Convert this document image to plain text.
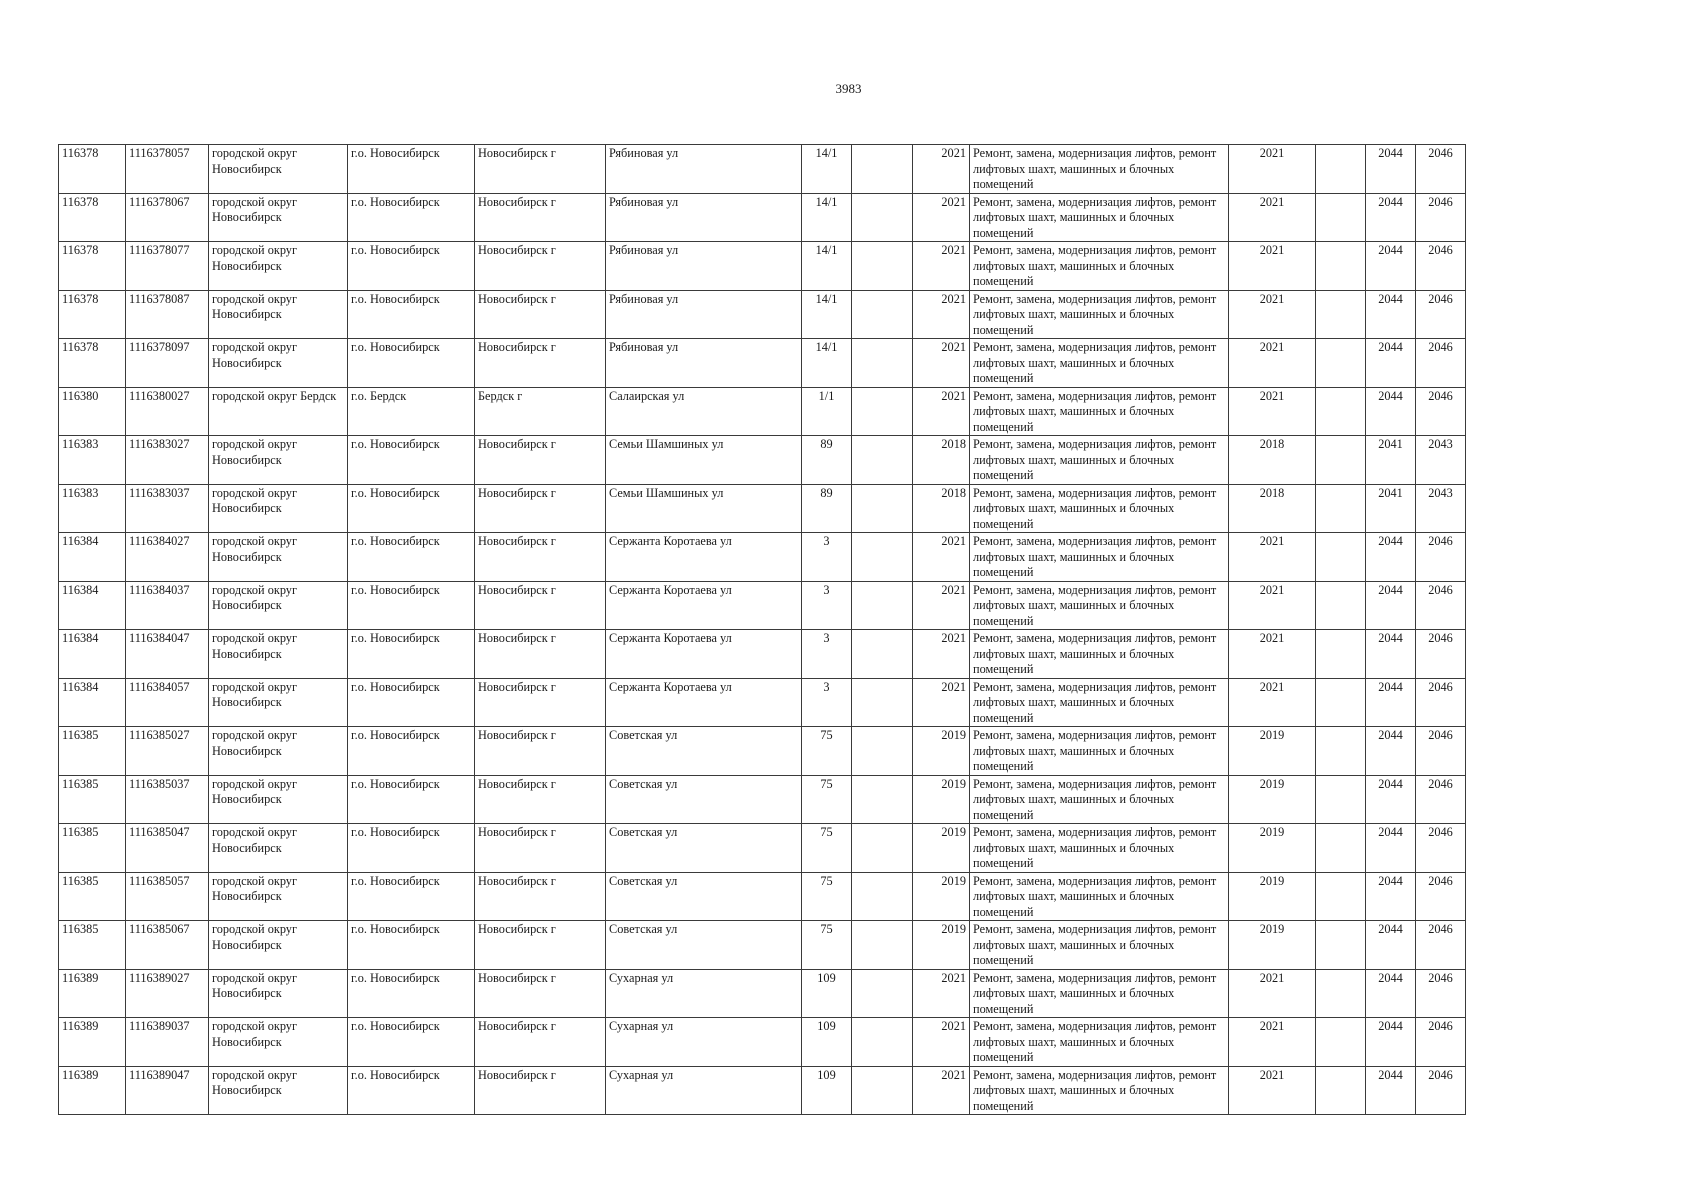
3983
116378	1116378057	городской округ Новосибирск	г.о. Новосибирск	Новосибирск г	Рябиновая ул	14/1		2021	Ремонт, замена, модернизация лифтов, ремонт лифтовых шахт, машинных и блочных помещений	2021		2044	2046
116378	1116378067	городской округ Новосибирск	г.о. Новосибирск	Новосибирск г	Рябиновая ул	14/1		2021	Ремонт, замена, модернизация лифтов, ремонт лифтовых шахт, машинных и блочных помещений	2021		2044	2046
116378	1116378077	городской округ Новосибирск	г.о. Новосибирск	Новосибирск г	Рябиновая ул	14/1		2021	Ремонт, замена, модернизация лифтов, ремонт лифтовых шахт, машинных и блочных помещений	2021		2044	2046
116378	1116378087	городской округ Новосибирск	г.о. Новосибирск	Новосибирск г	Рябиновая ул	14/1		2021	Ремонт, замена, модернизация лифтов, ремонт лифтовых шахт, машинных и блочных помещений	2021		2044	2046
116378	1116378097	городской округ Новосибирск	г.о. Новосибирск	Новосибирск г	Рябиновая ул	14/1		2021	Ремонт, замена, модернизация лифтов, ремонт лифтовых шахт, машинных и блочных помещений	2021		2044	2046
116380	1116380027	городской округ Бердск	г.о. Бердск	Бердск г	Салаирская ул	1/1		2021	Ремонт, замена, модернизация лифтов, ремонт лифтовых шахт, машинных и блочных помещений	2021		2044	2046
116383	1116383027	городской округ Новосибирск	г.о. Новосибирск	Новосибирск г	Семьи Шамшиных ул	89		2018	Ремонт, замена, модернизация лифтов, ремонт лифтовых шахт, машинных и блочных помещений	2018		2041	2043
116383	1116383037	городской округ Новосибирск	г.о. Новосибирск	Новосибирск г	Семьи Шамшиных ул	89		2018	Ремонт, замена, модернизация лифтов, ремонт лифтовых шахт, машинных и блочных помещений	2018		2041	2043
116384	1116384027	городской округ Новосибирск	г.о. Новосибирск	Новосибирск г	Сержанта Коротаева ул	3		2021	Ремонт, замена, модернизация лифтов, ремонт лифтовых шахт, машинных и блочных помещений	2021		2044	2046
116384	1116384037	городской округ Новосибирск	г.о. Новосибирск	Новосибирск г	Сержанта Коротаева ул	3		2021	Ремонт, замена, модернизация лифтов, ремонт лифтовых шахт, машинных и блочных помещений	2021		2044	2046
116384	1116384047	городской округ Новосибирск	г.о. Новосибирск	Новосибирск г	Сержанта Коротаева ул	3		2021	Ремонт, замена, модернизация лифтов, ремонт лифтовых шахт, машинных и блочных помещений	2021		2044	2046
116384	1116384057	городской округ Новосибирск	г.о. Новосибирск	Новосибирск г	Сержанта Коротаева ул	3		2021	Ремонт, замена, модернизация лифтов, ремонт лифтовых шахт, машинных и блочных помещений	2021		2044	2046
116385	1116385027	городской округ Новосибирск	г.о. Новосибирск	Новосибирск г	Советская ул	75		2019	Ремонт, замена, модернизация лифтов, ремонт лифтовых шахт, машинных и блочных помещений	2019		2044	2046
116385	1116385037	городской округ Новосибирск	г.о. Новосибирск	Новосибирск г	Советская ул	75		2019	Ремонт, замена, модернизация лифтов, ремонт лифтовых шахт, машинных и блочных помещений	2019		2044	2046
116385	1116385047	городской округ Новосибирск	г.о. Новосибирск	Новосибирск г	Советская ул	75		2019	Ремонт, замена, модернизация лифтов, ремонт лифтовых шахт, машинных и блочных помещений	2019		2044	2046
116385	1116385057	городской округ Новосибирск	г.о. Новосибирск	Новосибирск г	Советская ул	75		2019	Ремонт, замена, модернизация лифтов, ремонт лифтовых шахт, машинных и блочных помещений	2019		2044	2046
116385	1116385067	городской округ Новосибирск	г.о. Новосибирск	Новосибирск г	Советская ул	75		2019	Ремонт, замена, модернизация лифтов, ремонт лифтовых шахт, машинных и блочных помещений	2019		2044	2046
116389	1116389027	городской округ Новосибирск	г.о. Новосибирск	Новосибирск г	Сухарная ул	109		2021	Ремонт, замена, модернизация лифтов, ремонт лифтовых шахт, машинных и блочных помещений	2021		2044	2046
116389	1116389037	городской округ Новосибирск	г.о. Новосибирск	Новосибирск г	Сухарная ул	109		2021	Ремонт, замена, модернизация лифтов, ремонт лифтовых шахт, машинных и блочных помещений	2021		2044	2046
116389	1116389047	городской округ Новосибирск	г.о. Новосибирск	Новосибирск г	Сухарная ул	109		2021	Ремонт, замена, модернизация лифтов, ремонт лифтовых шахт, машинных и блочных помещений	2021		2044	2046
